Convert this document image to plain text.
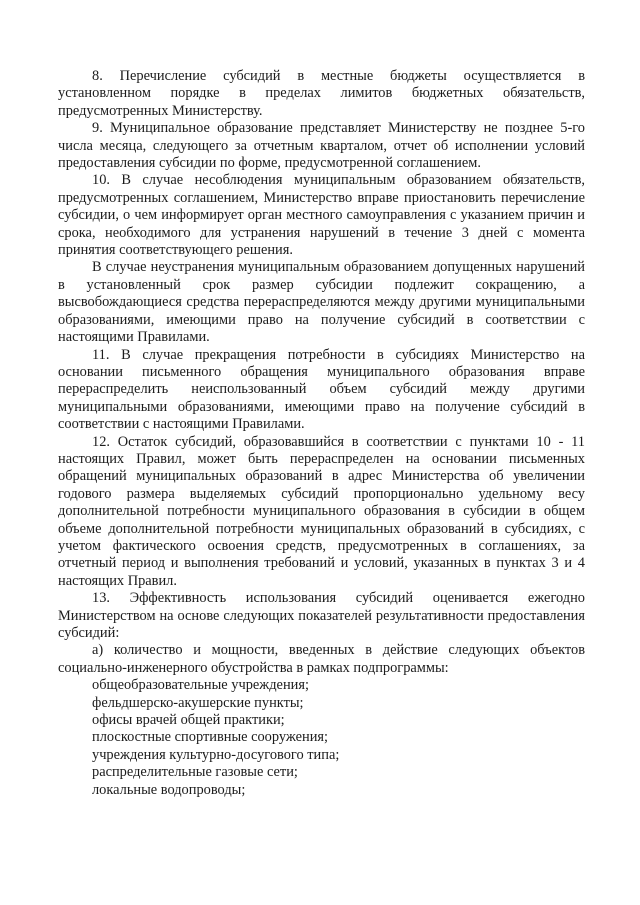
8. Перечисление субсидий в местные бюджеты осуществляется в установленном порядке в пределах лимитов бюджетных обязательств, предусмотренных Министерству.

9. Муниципальное образование представляет Министерству не позднее 5-го числа месяца, следующего за отчетным кварталом, отчет об исполнении условий предоставления субсидии по форме, предусмотренной соглашением.

10. В случае несоблюдения муниципальным образованием обязательств, предусмотренных соглашением, Министерство вправе приостановить перечисление субсидии, о чем информирует орган местного самоуправления с указанием причин и срока, необходимого для устранения нарушений в течение 3 дней с момента принятия соответствующего решения.

В случае неустранения муниципальным образованием допущенных нарушений в установленный срок размер субсидии подлежит сокращению, а высвобождающиеся средства перераспределяются между другими муниципальными образованиями, имеющими право на получение субсидий в соответствии с настоящими Правилами.

11. В случае прекращения потребности в субсидиях Министерство на основании письменного обращения муниципального образования вправе перераспределить неиспользованный объем субсидий между другими муниципальными образованиями, имеющими право на получение субсидий в соответствии с настоящими Правилами.

12. Остаток субсидий, образовавшийся в соответствии с пунктами 10 - 11 настоящих Правил, может быть перераспределен на основании письменных обращений муниципальных образований в адрес Министерства об увеличении годового размера выделяемых субсидий пропорционально удельному весу дополнительной потребности муниципального образования в субсидии в общем объеме дополнительной потребности муниципальных образований в субсидиях, с учетом фактического освоения средств, предусмотренных в соглашениях, за отчетный период и выполнения требований и условий, указанных в пунктах 3 и 4 настоящих Правил.

13. Эффективность использования субсидий оценивается ежегодно Министерством на основе следующих показателей результативности предоставления субсидий:

а) количество и мощности, введенных в действие следующих объектов социально-инженерного обустройства в рамках подпрограммы:

общеобразовательные учреждения;
фельдшерско-акушерские пункты;
офисы врачей общей практики;
плоскостные спортивные сооружения;
учреждения культурно-досугового типа;
распределительные газовые сети;
локальные водопроводы;
